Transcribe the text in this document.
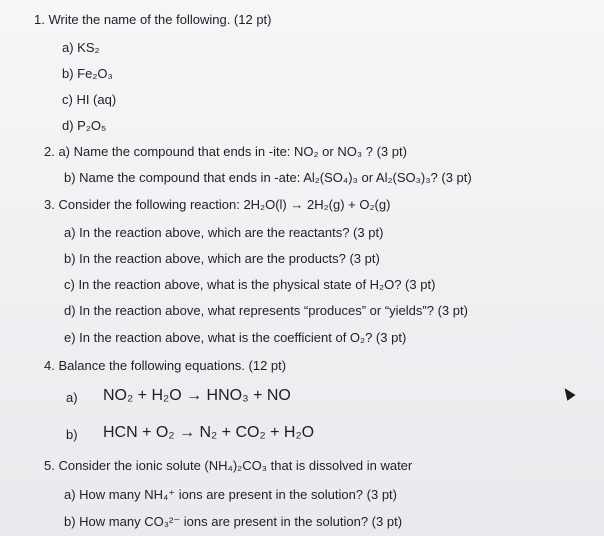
1. Write the name of the following. (12 pt)
a) KS₂
b) Fe₂O₃
c) HI (aq)
d) P₂O₅
2. a) Name the compound that ends in -ite: NO₂ or NO₃ ? (3 pt)
b) Name the compound that ends in -ate: Al₂(SO₄)₃ or Al₂(SO₃)₃? (3 pt)
3. Consider the following reaction: 2H₂O(l) → 2H₂(g) + O₂(g)
a) In the reaction above, which are the reactants? (3 pt)
b) In the reaction above, which are the products? (3 pt)
c) In the reaction above, what is the physical state of H₂O? (3 pt)
d) In the reaction above, what represents “produces” or “yields”? (3 pt)
e) In the reaction above, what is the coefficient of O₂? (3 pt)
4. Balance the following equations. (12 pt)
a) NO₂ + H₂O → HNO₃ + NO
b) HCN + O₂ → N₂ + CO₂ + H₂O
5. Consider the ionic solute (NH₄)₂CO₃ that is dissolved in water
a) How many NH₄⁺ ions are present in the solution? (3 pt)
b) How many CO₃²⁻ ions are present in the solution? (3 pt)
